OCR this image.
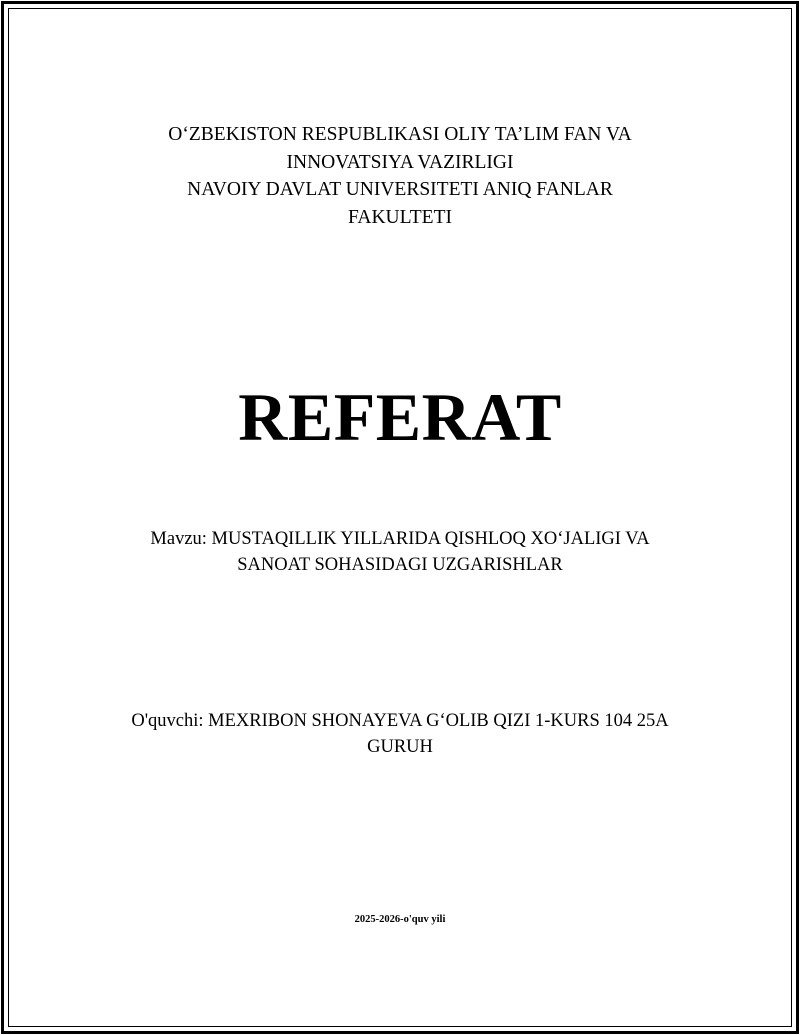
O‘ZBEKISTON RESPUBLIKASI OLIY TA’LIM FAN VA
INNOVATSIYA VAZIRLIGI
NAVOIY DAVLAT UNIVERSITETI ANIQ FANLAR
FAKULTETI
REFERAT
Mavzu: MUSTAQILLIK YILLARIDA QISHLOQ XO‘JALIGI VA
SANOAT SOHASIDAGI UZGARISHLAR
O'quvchi: MEXRIBON SHONAYEVA G‘OLIB QIZI 1-KURS 104 25A
GURUH
2025-2026-o'quv yili
